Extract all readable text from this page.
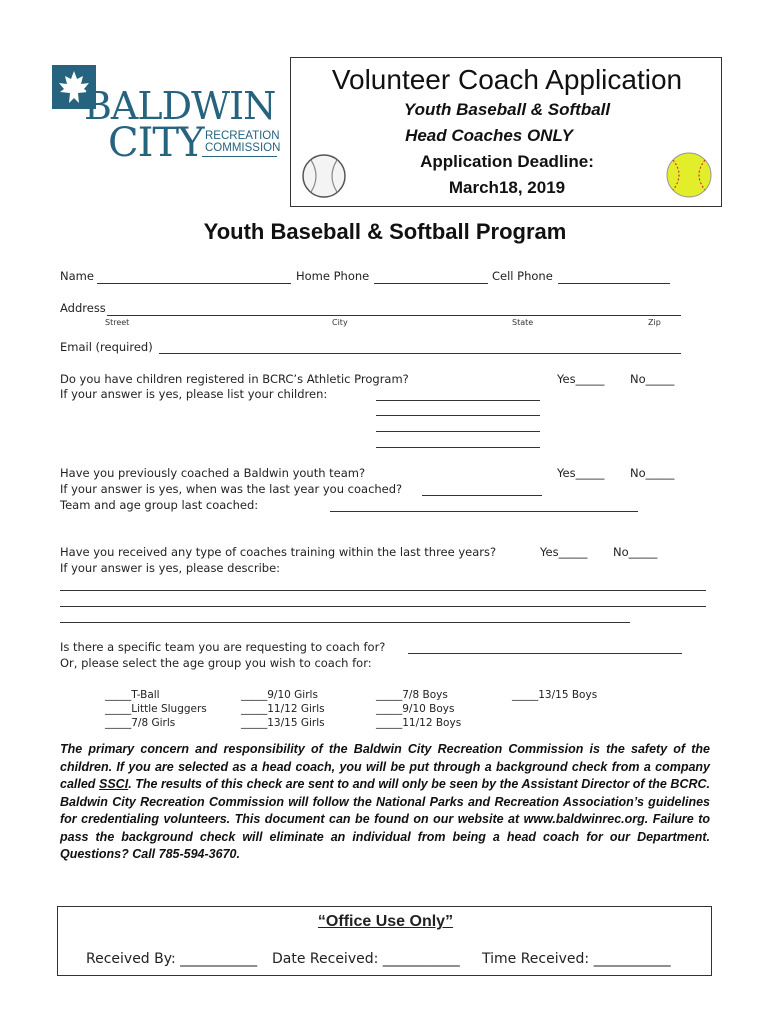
BALDWIN
CITY RECREATION
COMMISSION
Volunteer Coach Application
Youth Baseball & Softball
Head Coaches ONLY
Application Deadline:
March18, 2019
Youth Baseball & Softball Program
Name	Home Phone	Cell Phone
Address
Street	City	State	Zip
Email (required)
Do you have children registered in BCRC’s Athletic Program?	Yes_____ No_____
If your answer is yes, please list your children:
Have you previously coached a Baldwin youth team?	Yes_____ No_____
If your answer is yes, when was the last year you coached?
Team and age group last coached:
Have you received any type of coaches training within the last three years?	Yes_____ No_____
If your answer is yes, please describe:
Is there a specific team you are requesting to coach for?
Or, please select the age group you wish to coach for:
_____T-Ball
_____Little Sluggers
_____7/8 Girls
_____9/10 Girls
_____11/12 Girls
_____13/15 Girls
_____7/8 Boys
_____9/10 Boys
_____11/12 Boys
_____13/15 Boys
The primary concern and responsibility of the Baldwin City Recreation Commission is the safety of the children. If you are selected as a head coach, you will be put through a background check from a company called SSCI. The results of this check are sent to and will only be seen by the Assistant Director of the BCRC. Baldwin City Recreation Commission will follow the National Parks and Recreation Association’s guidelines for credentialing volunteers. This document can be found on our website at www.baldwinrec.org. Failure to pass the background check will eliminate an individual from being a head coach for our Department. Questions? Call 785-594-3670.
“Office Use Only”
Received By: ___________ Date Received: ___________ Time Received: ___________
